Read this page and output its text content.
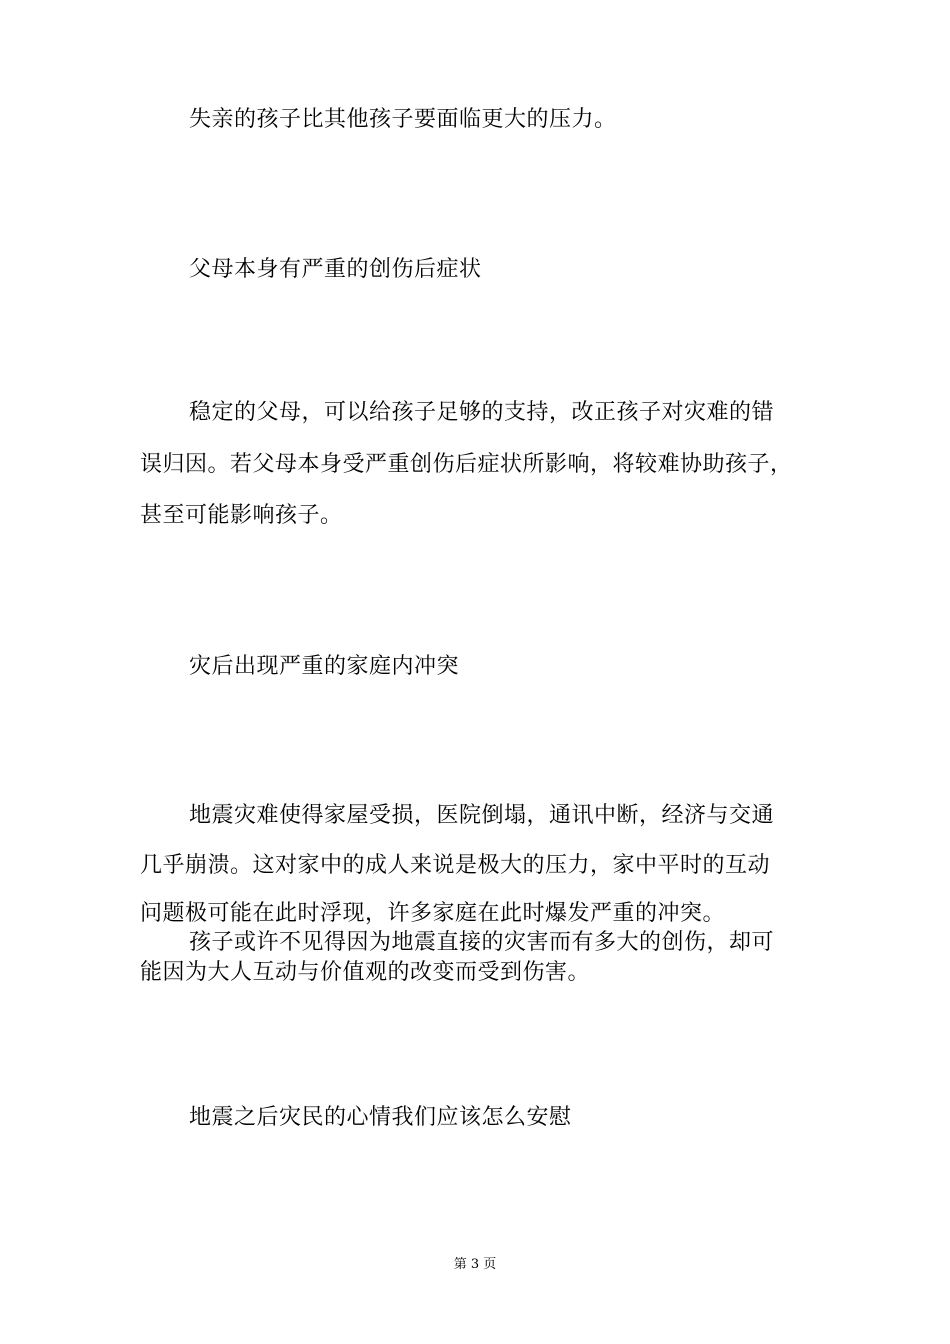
失亲的孩子比其他孩子要面临更大的压力。
父母本身有严重的创伤后症状
稳定的父母，可以给孩子足够的支持，改正孩子对灾难的错
误归因。若父母本身受严重创伤后症状所影响，将较难协助孩子，
甚至可能影响孩子。
灾后出现严重的家庭内冲突
地震灾难使得家屋受损，医院倒塌，通讯中断，经济与交通
几乎崩溃。这对家中的成人来说是极大的压力，家中平时的互动
问题极可能在此时浮现，许多家庭在此时爆发严重的冲突。
孩子或许不见得因为地震直接的灾害而有多大的创伤，却可
能因为大人互动与价值观的改变而受到伤害。
地震之后灾民的心情我们应该怎么安慰
第 3 页
